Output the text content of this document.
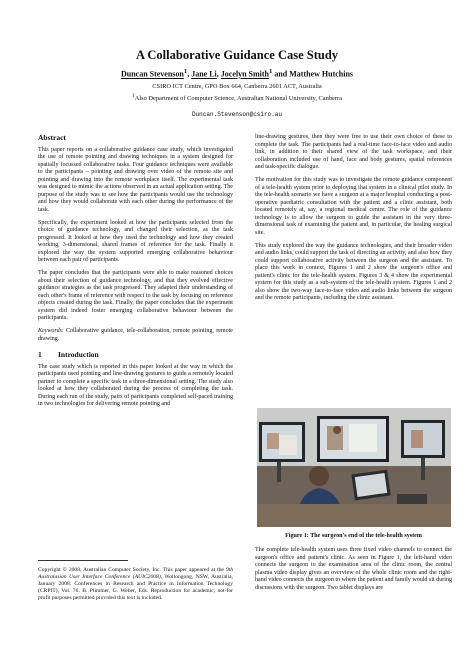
A Collaborative Guidance Case Study
Duncan Stevenson$^1$, Jane Li, Jocelyn Smith$^1$ and Matthew Hutchins
CSIRO ICT Centre, GPO Box 664, Canberra 2601 ACT, Australia
$^1$Also Department of Computer Science, Australian National University, Canberra
Duncan.Stevenson@csiro.au
Abstract

This paper reports on a collaborative guidance case study, which investigated the use of remote pointing and drawing techniques in a system designed for spatially focussed collaborative tasks. Four guidance techniques were available to the participants – pointing and drawing over video of the remote site and pointing and drawing into the remote workplace itself. The experimental task was designed to mimic the actions observed in an actual application setting. The purpose of the study was to see how the participants would use the technology and how they would collaborate with each other during the performance of the task.

Specifically, the experiment looked at how the participants selected from the choice of guidance technology, and changed their selection, as the task progressed. It looked at how they used the technology and how they created working, 3-dimensional, shared frames of reference for the task. Finally it explored the way the system supported emerging collaborative behaviour between each pair of participants.

The paper concludes that the participants were able to make reasoned choices about their selection of guidance technology, and that they evolved effective guidance strategies as the task progressed. They adapted their understanding of each other's frame of reference with respect to the task by focusing on reference objects created during the task. Finally, the paper concludes that the experiment system did indeed foster emerging collaborative behaviour between the participants.

Keywords: Collaborative guidance, tele-collaboration, remote pointing, remote drawing.

1 Introduction

The case study which is reported in this paper looked at the way in which the participants used pointing and line-drawing gestures to guide a remotely located partner to complete a specific task in a three-dimensional setting. The study also looked at how they collaborated during the process of completing the task. During each run of the study, pairs of participants completed self-paced training in two technologies for delivering remote pointing and

Copyright © 2008, Australian Computer Society, Inc. This paper appeared at the 9th Australasian User Interface Conference (AUIC2008), Wollongong, NSW, Australia, January 2008. Conferences in Research and Practice in Information Technology (CRPIT), Vol. 76. B. Plimmer, G. Weber, Eds. Reproduction for academic, not-for profit purposes permitted provided this text is included.

line-drawing gestures, then they were free to use their own choice of these to complete the task. The participants had a real-time face-to-face video and audio link, in addition to their shared view of the task workspace, and their collaboration included use of hand, face and body gestures, spatial references and task-specific dialogue.

The motivation for this study was to investigate the remote guidance component of a tele-health system prior to deploying that system in a clinical pilot study. In the tele-health scenario we have a surgeon at a major hospital conducting a post-operative paediatric consultation with the patient and a clinic assistant, both located remotely at, say, a regional medical centre. The role of the guidance technology is to allow the surgeon to guide the assistant in the very three-dimensional task of examining the patient and, in particular, the healing surgical site.

This study explored the way the guidance technologies, and their broader video and audio links, could support the task of directing an activity, and also how they could support collaborative activity between the surgeon and the assistant. To place this work in context, Figures 1 and 2 show the surgeon's office and patient's clinic for the tele-health system. Figures 3 & 4 show the experimental system for this study as a sub-system of the tele-health system. Figures 1 and 2 also show the two-way face-to-face video and audio links between the surgeon and the remote participants, including the clinic assistant.

Figure 1: The surgeon's end of the tele-health system

The complete tele-health system uses three fixed video channels to connect the surgeon's office and patient's clinic. As seen in Figure 1, the left-hand video connects the surgeon to the examination area of the clinic room, the central plasma video display gives an overview of the whole clinic room and the right-hand video connects the surgeon to where the patient and family would sit during discussions with the surgeon. Two tablet displays are
